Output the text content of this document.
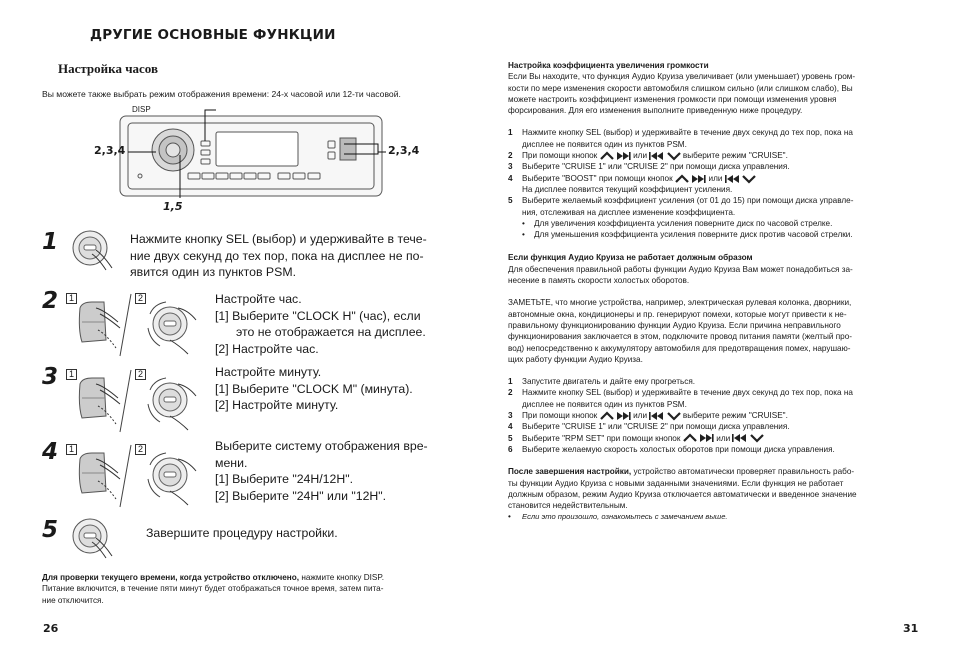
ДРУГИЕ ОСНОВНЫЕ ФУНКЦИИ
Настройка часов
Вы можете также выбрать режим отображения времени: 24-х часовой или 12-ти часовой.
DISP
2,3,4	2,3,4
1,5
1	Нажмите кнопку SEL (выбор) и удерживайте в тече-
ние двух секунд до тех пор, пока на дисплее не по-
явится один из пунктов PSM.
2	1	2	Настройте час.
[1] Выберите "CLOCK H" (час), если
это не отображается на дисплее.
[2] Настройте час.
3	1	2	Настройте минуту.
[1] Выберите "CLOCK M" (минута).
[2] Настройте минуту.
4	1	2	Выберите систему отображения вре-
мени.
[1] Выберите "24H/12H".
[2] Выберите "24H" или "12H".
5	Завершите процедуру настройки.
Для проверки текущего времени, когда устройство отключено, нажмите кнопку DISP.
Питание включится, в течение пяти минут будет отображаться точное время, затем пита-
ние отключится.
26
Настройка коэффициента увеличения громкости
Если Вы находите, что функция Аудио Круиза увеличивает (или уменьшает) уровень гром-
кости по мере изменения скорости автомобиля слишком сильно (или слишком слабо), Вы
можете настроить коэффициент изменения громкости при помощи изменения уровня
форсирования. Для его изменения выполните приведенную ниже процедуру.
1	Нажмите кнопку SEL (выбор) и удерживайте в течение двух секунд до тех пор, пока на
дисплее не появится один из пунктов PSM.
2	При помощи кнопок	или	выберите режим "CRUISE".
3	Выберите "CRUISE 1" или "CRUISE 2" при помощи диска управления.
4	Выберите "BOOST" при помощи кнопок	или
На дисплее появится текущий коэффициент усиления.
5	Выберите желаемый коэффициент усиления (от 01 до 15) при помощи диска управле-
ния, отслеживая на дисплее изменение коэффициента.
•	Для увеличения коэффициента усиления поверните диск по часовой стрелке.
•	Для уменьшения коэффициента усиления поверните диск против часовой стрелки.
Если функция Аудио Круиза не работает должным образом
Для обеспечения правильной работы функции Аудио Круиза Вам может понадобиться за-
несение в память скорости холостых оборотов.
ЗАМЕТЬТЕ, что многие устройства, например, электрическая рулевая колонка, дворники,
автономные окна, кондиционеры и пр. генерируют помехи, которые могут привести к не-
правильному функционированию функции Аудио Круиза. Если причина неправильного
функционирования заключается в этом, подключите провод питания памяти (желтый про-
вод) непосредственно к аккумулятору автомобиля для предотвращения помех, нарушаю-
щих работу функции Аудио Круиза.
1	Запустите двигатель и дайте ему прогреться.
2	Нажмите кнопку SEL (выбор) и удерживайте в течение двух секунд до тех пор, пока на
дисплее не появится один из пунктов PSM.
3	При помощи кнопок	или	выберите режим "CRUISE".
4	Выберите "CRUISE 1" или "CRUISE 2" при помощи диска управления.
5	Выберите "RPM SET" при помощи кнопок	или
6	Выберите желаемую скорость холостых оборотов при помощи диска управления.
После завершения настройки, устройство автоматически проверяет правильность рабо-
ты функции Аудио Круиза с новыми заданными значениями. Если функция не работает
должным образом, режим Аудио Круиза отключается автоматически и введенное значение
становится недействительным.
•	Если это произошло, ознакомьтесь с замечанием выше.
31
